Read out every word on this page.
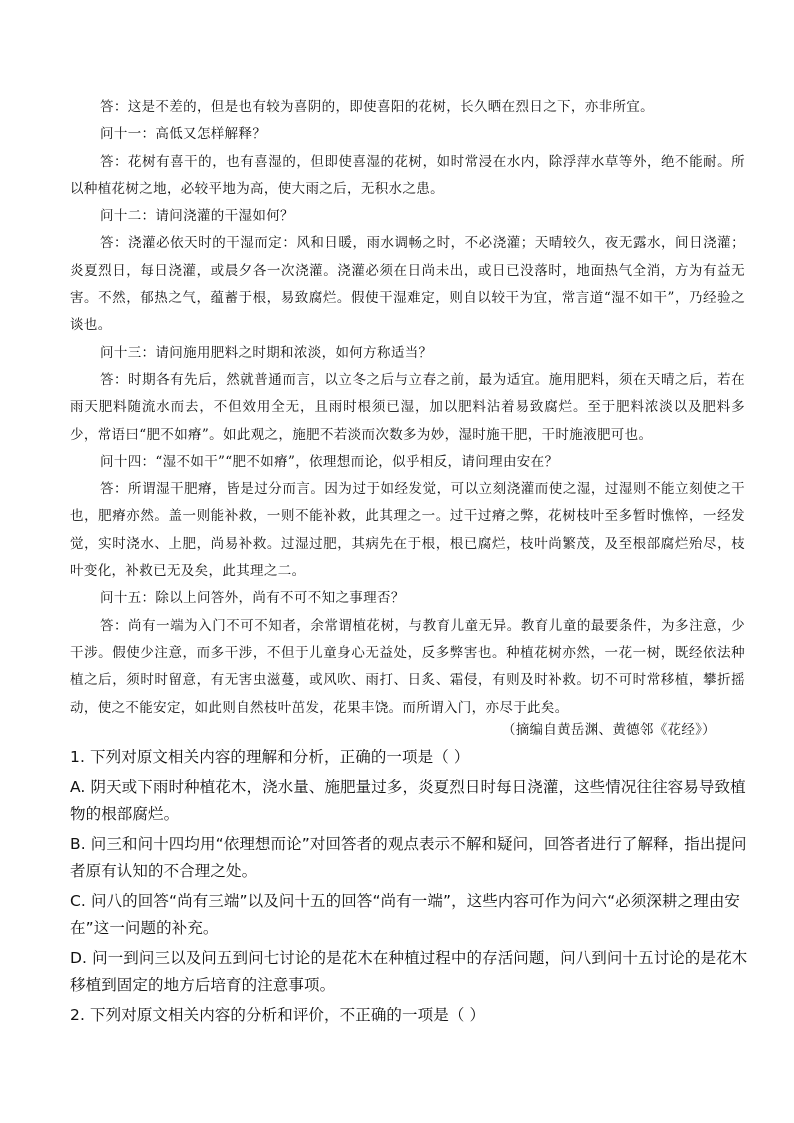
答：这是不差的，但是也有较为喜阴的，即使喜阳的花树，长久晒在烈日之下，亦非所宜。

问十一：高低又怎样解释？

答：花树有喜干的，也有喜湿的，但即使喜湿的花树，如时常浸在水内，除浮萍水草等外，绝不能耐。所以种植花树之地，必较平地为高，使大雨之后，无积水之患。

问十二：请问浇灌的干湿如何？

答：浇灌必依天时的干湿而定：风和日暖，雨水调畅之时，不必浇灌；天晴较久，夜无露水，间日浇灌；炎夏烈日，每日浇灌，或晨夕各一次浇灌。浇灌必须在日尚未出，或日已没落时，地面热气全消，方为有益无害。不然，郁热之气，蕴蓄于根，易致腐烂。假使干湿难定，则自以较干为宜，常言道“湿不如干”，乃经验之谈也。

问十三：请问施用肥料之时期和浓淡，如何方称适当？

答：时期各有先后，然就普通而言，以立冬之后与立春之前，最为适宜。施用肥料，须在天晴之后，若在雨天肥料随流水而去，不但效用全无，且雨时根须已湿，加以肥料沾着易致腐烂。至于肥料浓淡以及肥料多少，常语曰“肥不如瘠”。如此观之，施肥不若淡而次数多为妙，湿时施干肥，干时施液肥可也。

问十四：“湿不如干”“肥不如瘠”，依理想而论，似乎相反，请问理由安在？

答：所谓湿干肥瘠，皆是过分而言。因为过于如经发觉，可以立刻浇灌而使之湿，过湿则不能立刻使之干也，肥瘠亦然。盖一则能补救，一则不能补救，此其理之一。过干过瘠之弊，花树枝叶至多暂时憔悴，一经发觉，实时浇水、上肥，尚易补救。过湿过肥，其病先在于根，根已腐烂，枝叶尚繁茂，及至根部腐烂殆尽，枝叶变化，补救已无及矣，此其理之二。

问十五：除以上问答外，尚有不可不知之事理否？

答：尚有一端为入门不可不知者，余常谓植花树，与教育儿童无异。教育儿童的最要条件，为多注意，少干涉。假使少注意，而多干涉，不但于儿童身心无益处，反多弊害也。种植花树亦然，一花一树，既经依法种植之后，须时时留意，有无害虫滋蔓，或风吹、雨打、日炙、霜侵，有则及时补救。切不可时常移植，攀折摇动，使之不能安定，如此则自然枝叶茁发，花果丰饶。而所谓入门，亦尽于此矣。

（摘编自黄岳渊、黄德邻《花经》）

1. 下列对原文相关内容的理解和分析，正确的一项是（ ）

A. 阴天或下雨时种植花木，浇水量、施肥量过多，炎夏烈日时每日浇灌，这些情况往往容易导致植物的根部腐烂。

B. 问三和问十四均用“依理想而论”对回答者的观点表示不解和疑问，回答者进行了解释，指出提问者原有认知的不合理之处。

C. 问八的回答“尚有三端”以及问十五的回答“尚有一端”，这些内容可作为问六“必须深耕之理由安在”这一问题的补充。

D. 问一到问三以及问五到问七讨论的是花木在种植过程中的存活问题，问八到问十五讨论的是花木移植到固定的地方后培育的注意事项。

2. 下列对原文相关内容的分析和评价，不正确的一项是（ ）
